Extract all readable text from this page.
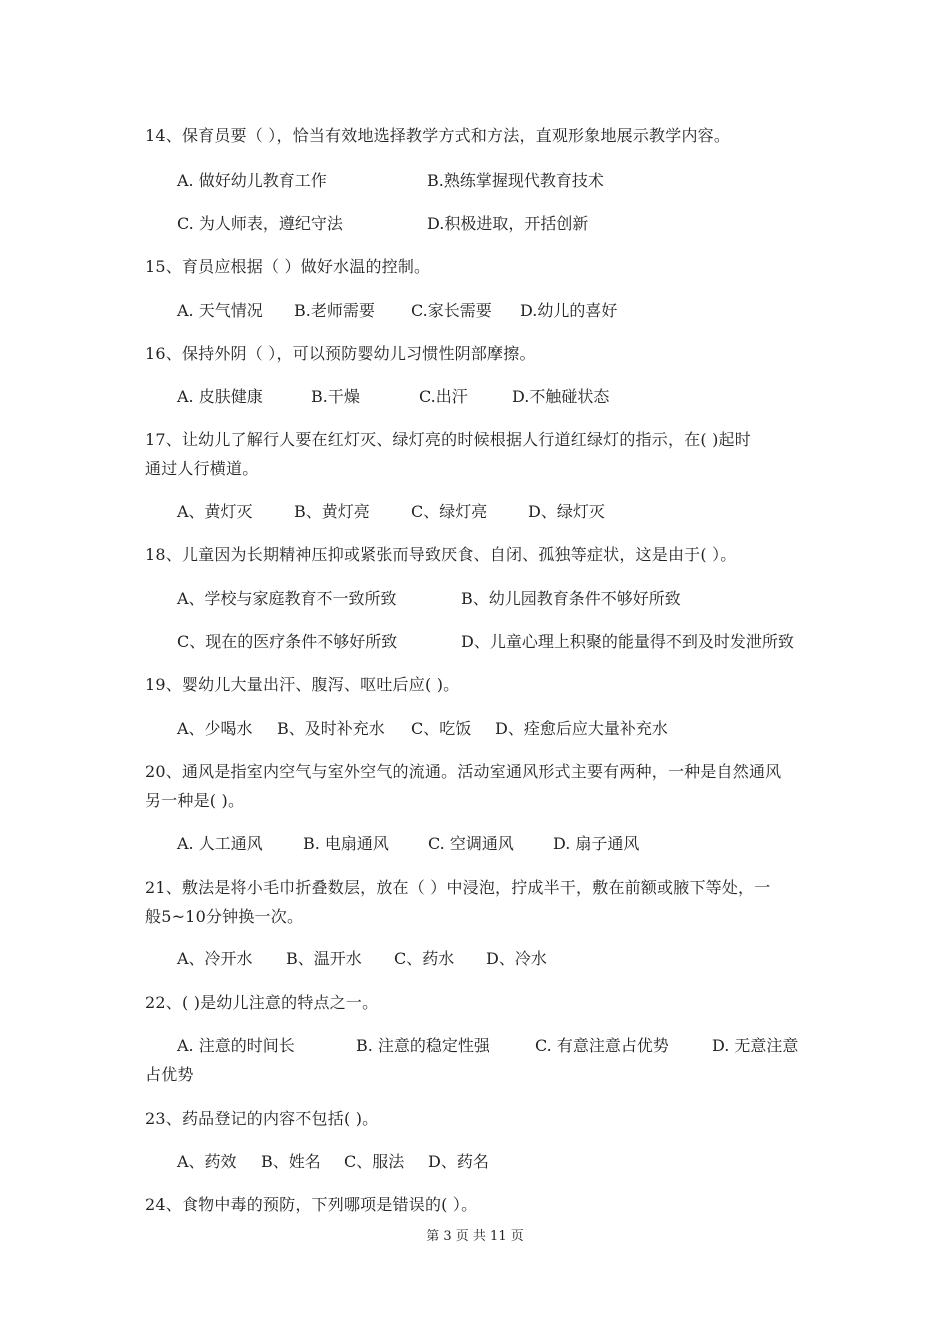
14、保育员要（ ），恰当有效地选择教学方式和方法，直观形象地展示教学内容。
A. 做好幼儿教育工作	B.熟练掌握现代教育技术
C. 为人师表，遵纪守法	D.积极进取，开括创新
15、育员应根据（ ）做好水温的控制。
A. 天气情况 B.老师需要 C.家长需要 D.幼儿的喜好
16、保持外阴（ ），可以预防婴幼儿习惯性阴部摩擦。
A. 皮肤健康	B.干燥	C.出汗	D.不触碰状态
17、让幼儿了解行人要在红灯灭、绿灯亮的时候根据人行道红绿灯的指示，在( )起时
通过人行横道。
A、黄灯灭	B、黄灯亮	C、绿灯亮	D、绿灯灭
18、儿童因为长期精神压抑或紧张而导致厌食、自闭、孤独等症状，这是由于( ）。
A、学校与家庭教育不一致所致	B、幼儿园教育条件不够好所致
C、现在的医疗条件不够好所致	D、儿童心理上积聚的能量得不到及时发泄所致
19、婴幼儿大量出汗、腹泻、呕吐后应( )。
A、少喝水 B、及时补充水 C、吃饭 D、痊愈后应大量补充水
20、通风是指室内空气与室外空气的流通。活动室通风形式主要有两种，一种是自然通风
另一种是( )。
A. 人工通风	B. 电扇通风 C. 空调通风 D. 扇子通风
21、敷法是将小毛巾折叠数层，放在（ ）中浸泡，拧成半干，敷在前额或腋下等处，一
般5~10分钟换一次。
A、冷开水 B、温开水 C、药水 D、冷水
22、( )是幼儿注意的特点之一。
A. 注意的时间长	B. 注意的稳定性强	C. 有意注意占优势	D. 无意注意
占优势
23、药品登记的内容不包括( )。
A、药效 B、姓名 C、服法 D、药名
24、食物中毒的预防，下列哪项是错误的( ）。
第 3 页 共 11 页
